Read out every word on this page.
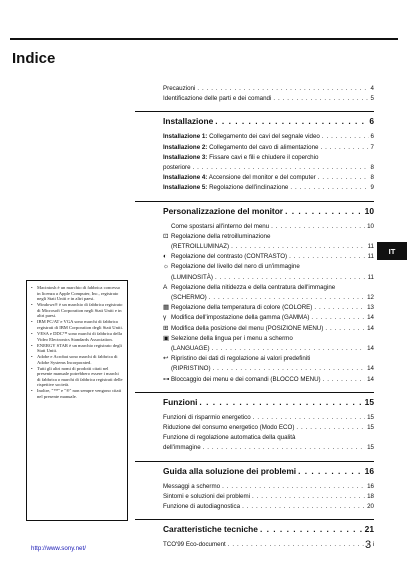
Indice
Precauzioni . . .	4
Identificazione delle parti e dei comandi . . .	5
Installazione . . .	6
Installazione 1: Collegamento dei cavi del segnale video . . .	6
Installazione 2: Collegamento del cavo di alimentazione . . .	7
Installazione 3: Fissare cavi e fili e chiudere il coperchio
posteriore . . .	8
Installazione 4: Accensione del monitor e del computer . . .	8
Installazione 5: Regolazione dell'inclinazione . . .	9
Personalizzazione del monitor . . .	10
Come spostarsi all'interno del menu . . .	10
⊡ Regolazione della retroilluminazione
(RETROILLUMINAZ) . . .	11
◐ Regolazione del contrasto (CONTRASTO) . . .	11
☼ Regolazione del livello del nero di un'immagine
(LUMINOSITÀ) . . .	11
A Regolazione della nitidezza e della centratura dell'immagine
(SCHERMO) . . .	12
▦ Regolazione della temperatura di colore (COLORE) . . .	13
γ Modifica dell'impostazione della gamma (GAMMA) . . .	14
⊞ Modifica della posizione del menu (POSIZIONE MENU) . . .	14
▣ Selezione della lingua per i menu a schermo
(LANGUAGE) . . .	14
↩ Ripristino dei dati di regolazione ai valori predefiniti
(RIPRISTINO) . . .	14
⊶ Bloccaggio dei menu e dei comandi (BLOCCO MENU) . . .	14
Funzioni . . .	15
Funzioni di risparmio energetico . . .	15
Riduzione del consumo energetico (Modo ECO) . . .	15
Funzione di regolazione automatica della qualità
dell'immagine . . .	15
Guida alla soluzione dei problemi . . .	16
Messaggi a schermo . . .	16
Sintomi e soluzioni dei problemi . . .	18
Funzione di autodiagnostica . . .	20
Caratteristiche tecniche . . .	21
TCO'99 Eco-document . . .	i
IT
• Macintosh è un marchio di fabbrica concesso in licenza a Apple Computer, Inc., registrato negli Stati Uniti e in altri paesi.
• Windows® è un marchio di fabbrica registrato di Microsoft Corporation negli Stati Uniti e in altri paesi.
• IBM PC/AT e VGA sono marchi di fabbrica registrati di IBM Corporation degli Stati Uniti.
• VESA e DDC™ sono marchi di fabbrica della Video Electronics Standards Association.
• ENERGY STAR è un marchio registrato degli Stati Uniti.
• Adobe e Acrobat sono marchi di fabbrica di Adobe Systems Incorporated.
• Tutti gli altri nomi di prodotti citati nel presente manuale potrebbero essere i marchi di fabbrica o marchi di fabbrica registrati delle rispettive società.
• Inoltre, "™" e "®" non sempre vengono citati nel presente manuale.
http://www.sony.net/	3
